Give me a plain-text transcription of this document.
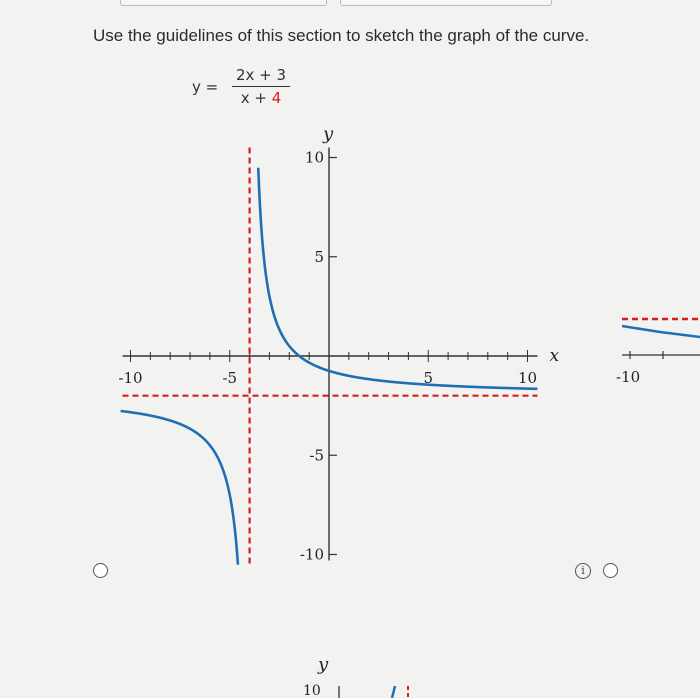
Use the guidelines of this section to sketch the graph of the curve.
y =
2x + 3
x + 4
-10	-5	5	10
10
5
-5
-10
x
y
-10
y
10
i
